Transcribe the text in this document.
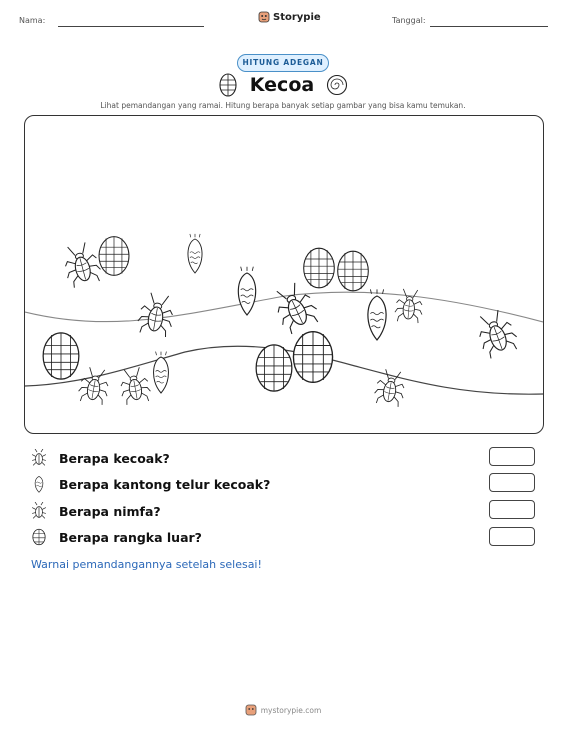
Nama:	Storypie	Tanggal:
HITUNG ADEGAN
Kecoa
Lihat pemandangan yang ramai. Hitung berapa banyak setiap gambar yang bisa kamu temukan.
Berapa kecoak?
Berapa kantong telur kecoak?
Berapa nimfa?
Berapa rangka luar?
Warnai pemandangannya setelah selesai!
mystorypie.com
